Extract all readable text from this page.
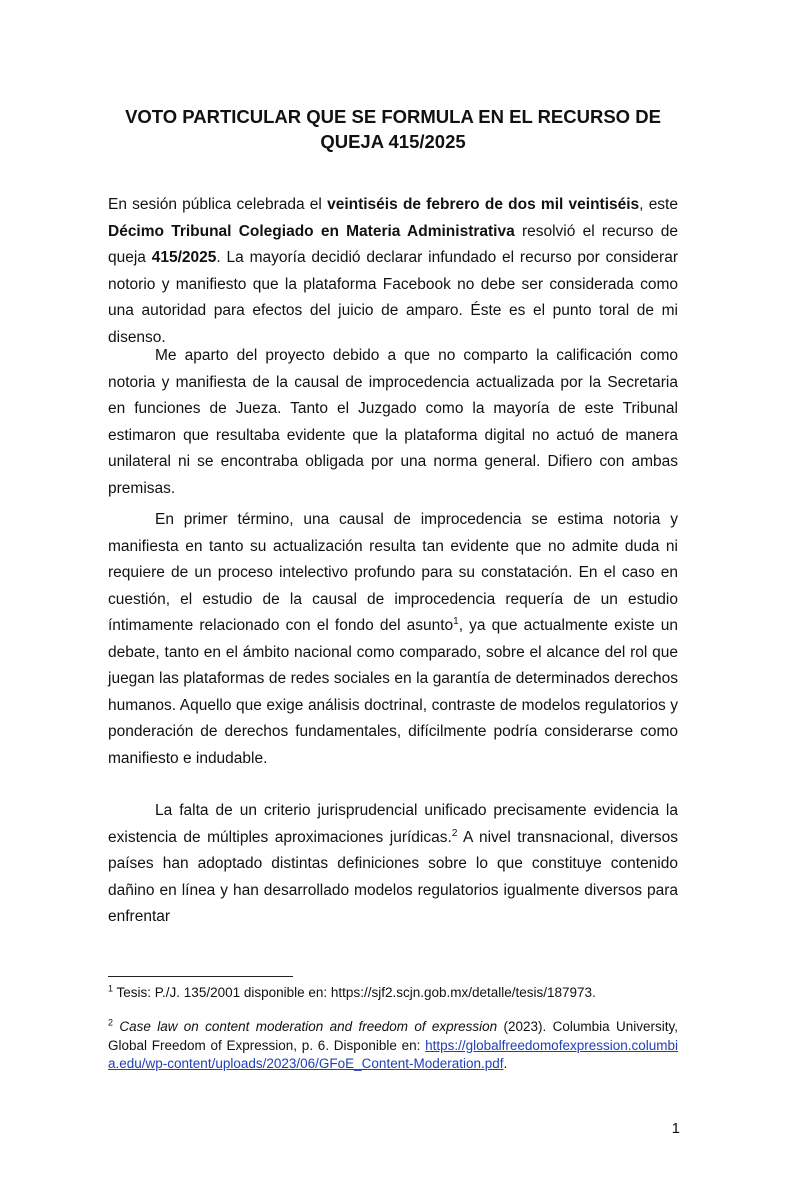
VOTO PARTICULAR QUE SE FORMULA EN EL RECURSO DE QUEJA 415/2025
En sesión pública celebrada el veintiséis de febrero de dos mil veintiséis, este Décimo Tribunal Colegiado en Materia Administrativa resolvió el recurso de queja 415/2025. La mayoría decidió declarar infundado el recurso por considerar notorio y manifiesto que la plataforma Facebook no debe ser considerada como una autoridad para efectos del juicio de amparo. Éste es el punto toral de mi disenso.
Me aparto del proyecto debido a que no comparto la calificación como notoria y manifiesta de la causal de improcedencia actualizada por la Secretaria en funciones de Jueza. Tanto el Juzgado como la mayoría de este Tribunal estimaron que resultaba evidente que la plataforma digital no actuó de manera unilateral ni se encontraba obligada por una norma general. Difiero con ambas premisas.
En primer término, una causal de improcedencia se estima notoria y manifiesta en tanto su actualización resulta tan evidente que no admite duda ni requiere de un proceso intelectivo profundo para su constatación. En el caso en cuestión, el estudio de la causal de improcedencia requería de un estudio íntimamente relacionado con el fondo del asunto$^1$, ya que actualmente existe un debate, tanto en el ámbito nacional como comparado, sobre el alcance del rol que juegan las plataformas de redes sociales en la garantía de determinados derechos humanos. Aquello que exige análisis doctrinal, contraste de modelos regulatorios y ponderación de derechos fundamentales, difícilmente podría considerarse como manifiesto e indudable.
La falta de un criterio jurisprudencial unificado precisamente evidencia la existencia de múltiples aproximaciones jurídicas.$^2$ A nivel transnacional, diversos países han adoptado distintas definiciones sobre lo que constituye contenido dañino en línea y han desarrollado modelos regulatorios igualmente diversos para enfrentar
$^1$ Tesis: P./J. 135/2001 disponible en: https://sjf2.scjn.gob.mx/detalle/tesis/187973.
$^2$ Case law on content moderation and freedom of expression (2023). Columbia University, Global Freedom of Expression, p. 6. Disponible en: https://globalfreedomofexpression.columbia.edu/wp-content/uploads/2023/06/GFoE_Content-Moderation.pdf.
1
